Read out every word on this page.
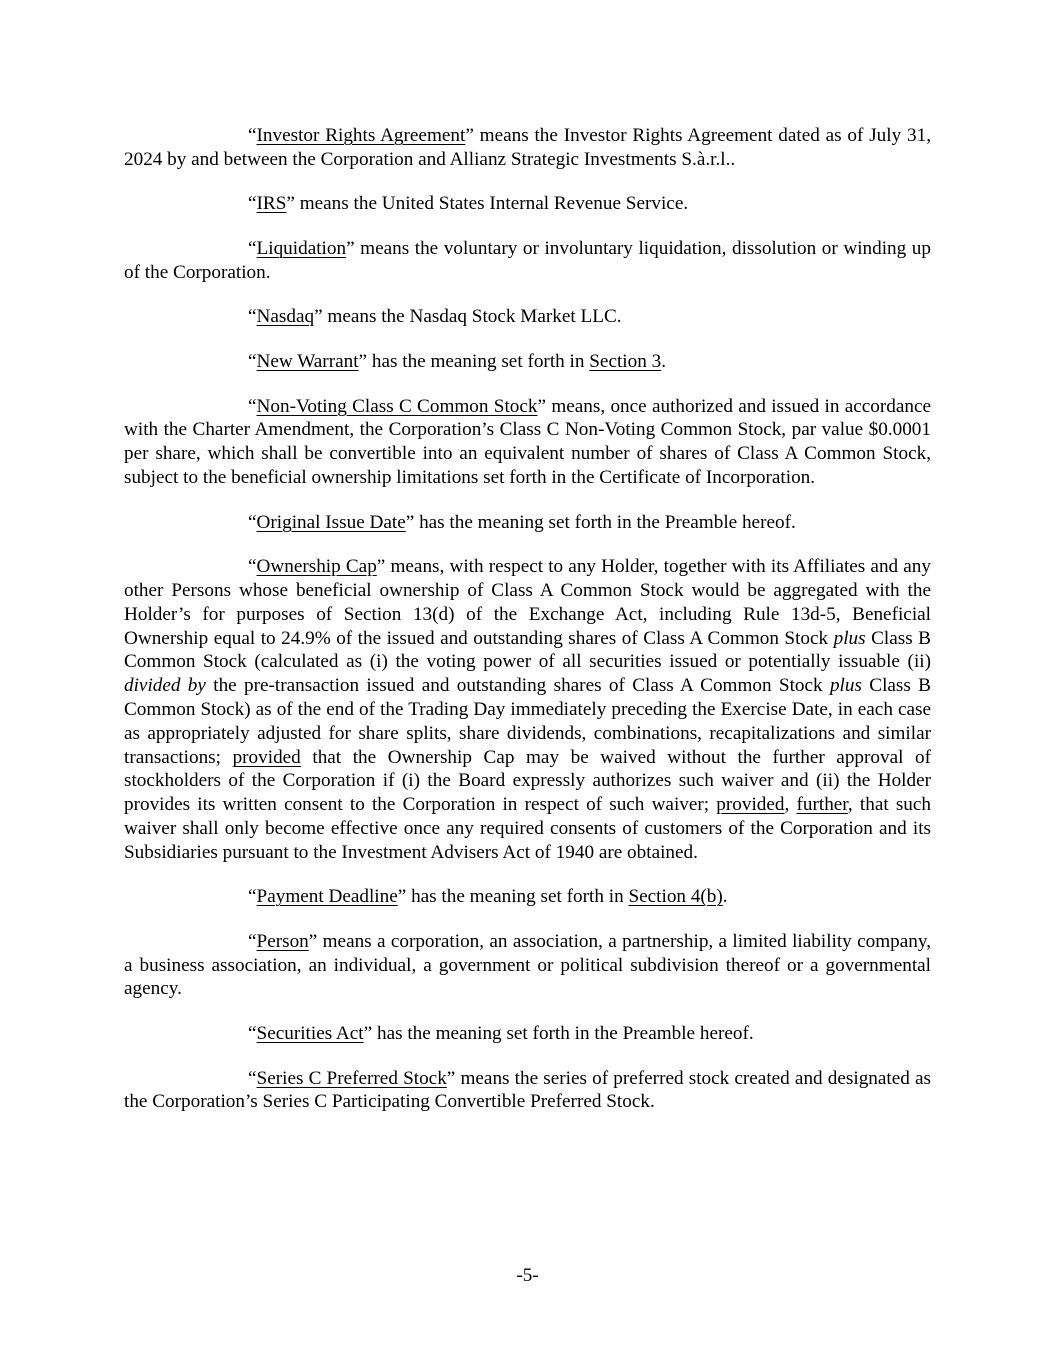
“Investor Rights Agreement” means the Investor Rights Agreement dated as of July 31, 2024 by and between the Corporation and Allianz Strategic Investments S.à.r.l..

“IRS” means the United States Internal Revenue Service.

“Liquidation” means the voluntary or involuntary liquidation, dissolution or winding up of the Corporation.

“Nasdaq” means the Nasdaq Stock Market LLC.

“New Warrant” has the meaning set forth in Section 3.

“Non-Voting Class C Common Stock” means, once authorized and issued in accordance with the Charter Amendment, the Corporation’s Class C Non-Voting Common Stock, par value $0.0001 per share, which shall be convertible into an equivalent number of shares of Class A Common Stock, subject to the beneficial ownership limitations set forth in the Certificate of Incorporation.

“Original Issue Date” has the meaning set forth in the Preamble hereof.

“Ownership Cap” means, with respect to any Holder, together with its Affiliates and any other Persons whose beneficial ownership of Class A Common Stock would be aggregated with the Holder’s for purposes of Section 13(d) of the Exchange Act, including Rule 13d-5, Beneficial Ownership equal to 24.9% of the issued and outstanding shares of Class A Common Stock plus Class B Common Stock (calculated as (i) the voting power of all securities issued or potentially issuable (ii) divided by the pre-transaction issued and outstanding shares of Class A Common Stock plus Class B Common Stock) as of the end of the Trading Day immediately preceding the Exercise Date, in each case as appropriately adjusted for share splits, share dividends, combinations, recapitalizations and similar transactions; provided that the Ownership Cap may be waived without the further approval of stockholders of the Corporation if (i) the Board expressly authorizes such waiver and (ii) the Holder provides its written consent to the Corporation in respect of such waiver; provided, further, that such waiver shall only become effective once any required consents of customers of the Corporation and its Subsidiaries pursuant to the Investment Advisers Act of 1940 are obtained.

“Payment Deadline” has the meaning set forth in Section 4(b).

“Person” means a corporation, an association, a partnership, a limited liability company, a business association, an individual, a government or political subdivision thereof or a governmental agency.

“Securities Act” has the meaning set forth in the Preamble hereof.

“Series C Preferred Stock” means the series of preferred stock created and designated as the Corporation’s Series C Participating Convertible Preferred Stock.

-5-
